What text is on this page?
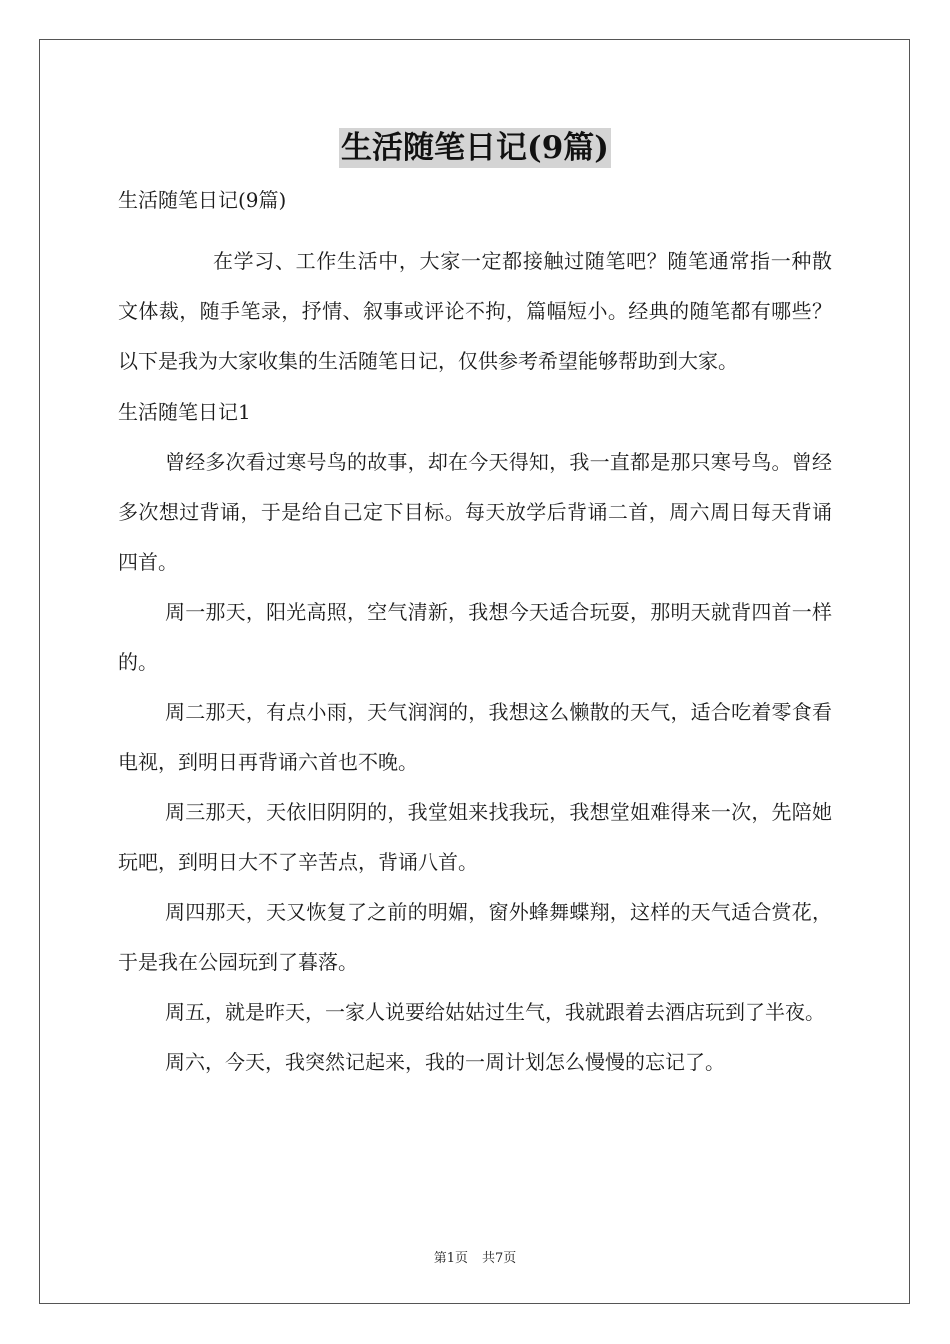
生活随笔日记(9篇)

生活随笔日记(9篇)

在学习、工作生活中，大家一定都接触过随笔吧？随笔通常指一种散文体裁，随手笔录，抒情、叙事或评论不拘，篇幅短小。经典的随笔都有哪些？以下是我为大家收集的生活随笔日记，仅供参考希望能够帮助到大家。

生活随笔日记1

曾经多次看过寒号鸟的故事，却在今天得知，我一直都是那只寒号鸟。曾经多次想过背诵，于是给自己定下目标。每天放学后背诵二首，周六周日每天背诵四首。

周一那天，阳光高照，空气清新，我想今天适合玩耍，那明天就背四首一样的。

周二那天，有点小雨，天气润润的，我想这么懒散的天气，适合吃着零食看电视，到明日再背诵六首也不晚。

周三那天，天依旧阴阴的，我堂姐来找我玩，我想堂姐难得来一次，先陪她玩吧，到明日大不了辛苦点，背诵八首。

周四那天，天又恢复了之前的明媚，窗外蜂舞蝶翔，这样的天气适合赏花，于是我在公园玩到了暮落。

周五，就是昨天，一家人说要给姑姑过生气，我就跟着去酒店玩到了半夜。

周六，今天，我突然记起来，我的一周计划怎么慢慢的忘记了。

第1页 共7页
